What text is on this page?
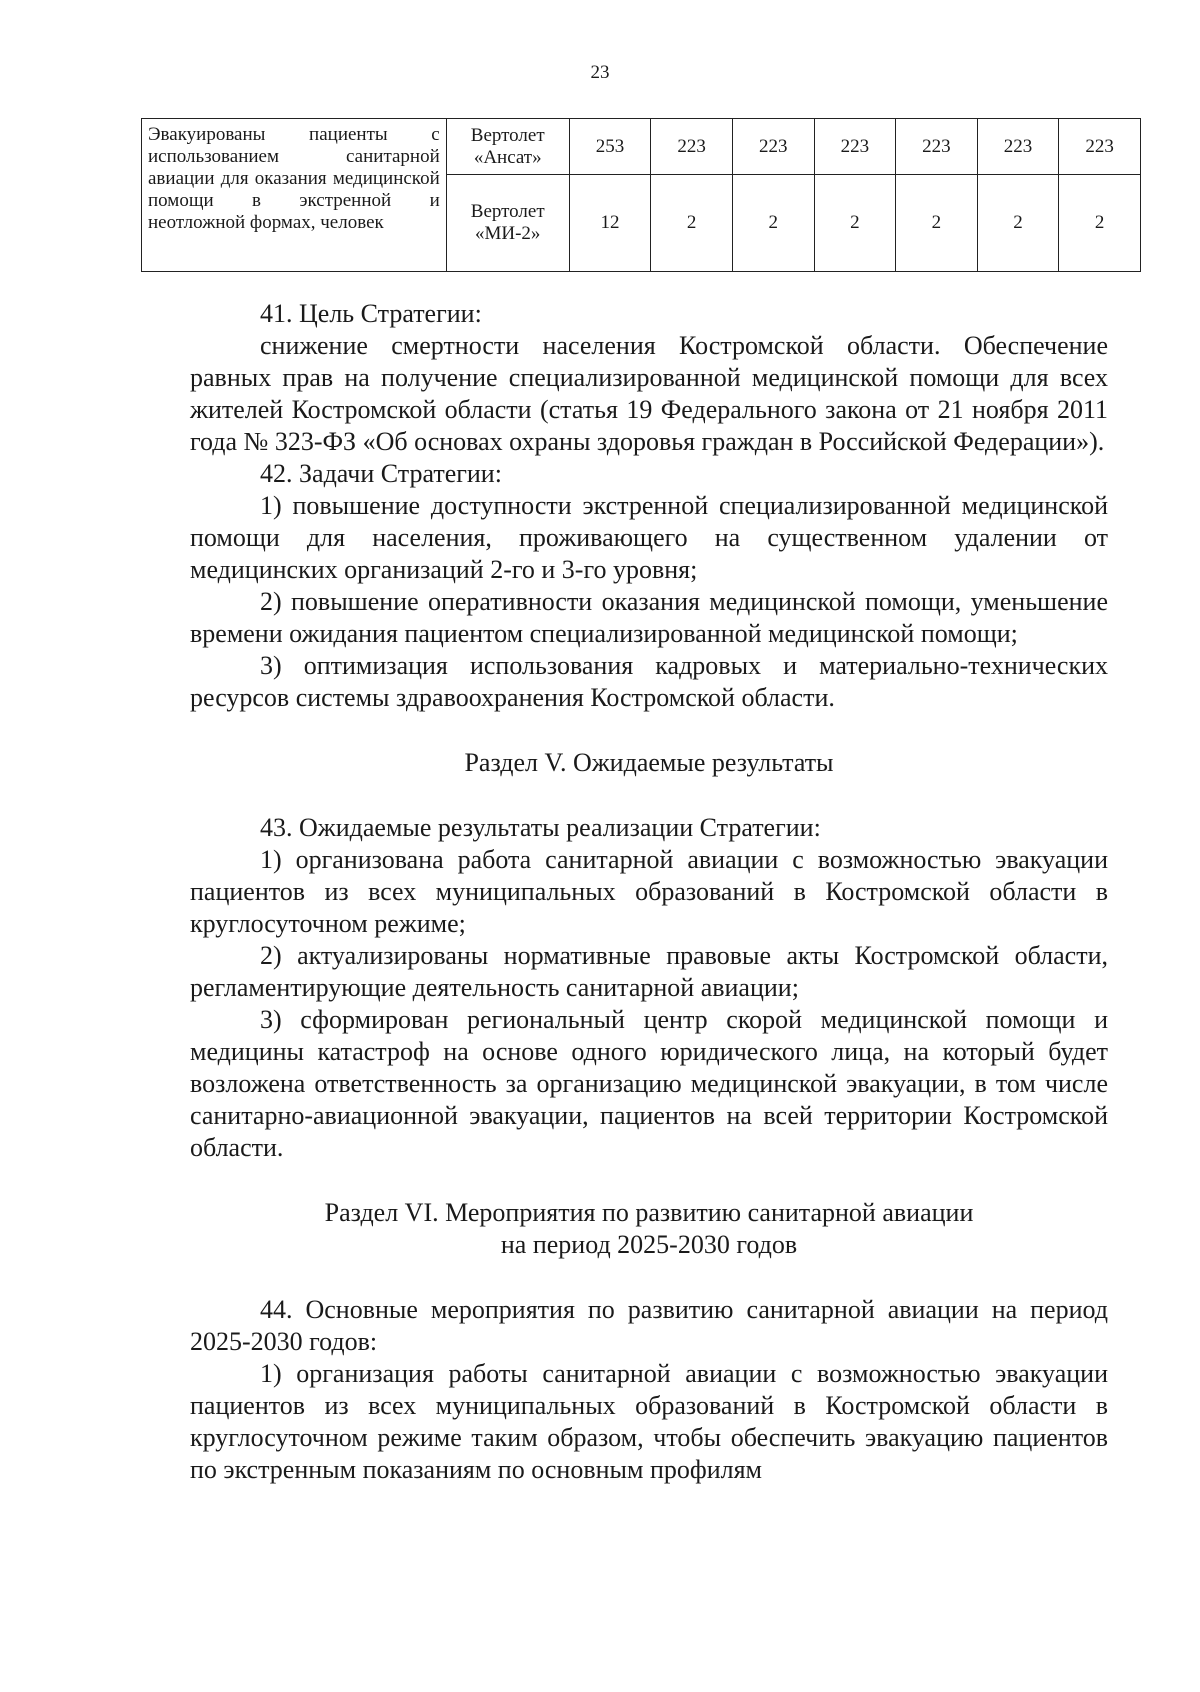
23
Эвакуированы пациенты с использованием санитарной авиации для оказания медицинской помощи в экстренной и неотложной формах, человек	Вертолет «Ансат»	253	223	223	223	223	223	223
	Вертолет «МИ-2»	12	2	2	2	2	2	2

41. Цель Стратегии:

снижение смертности населения Костромской области. Обеспечение равных прав на получение специализированной медицинской помощи для всех жителей Костромской области (статья 19 Федерального закона от 21 ноября 2011 года № 323-ФЗ «Об основах охраны здоровья граждан в Российской Федерации»).

42. Задачи Стратегии:

1) повышение доступности экстренной специализированной медицинской помощи для населения, проживающего на существенном удалении от медицинских организаций 2-го и 3-го уровня;

2) повышение оперативности оказания медицинской помощи, уменьшение времени ожидания пациентом специализированной медицинской помощи;

3) оптимизация использования кадровых и материально-технических ресурсов системы здравоохранения Костромской области.

Раздел V. Ожидаемые результаты

43. Ожидаемые результаты реализации Стратегии:

1) организована работа санитарной авиации с возможностью эвакуации пациентов из всех муниципальных образований в Костромской области в круглосуточном режиме;

2) актуализированы нормативные правовые акты Костромской области, регламентирующие деятельность санитарной авиации;

3) сформирован региональный центр скорой медицинской помощи и медицины катастроф на основе одного юридического лица, на который будет возложена ответственность за организацию медицинской эвакуации, в том числе санитарно-авиационной эвакуации, пациентов на всей территории Костромской области.

Раздел VI. Мероприятия по развитию санитарной авиации

на период 2025-2030 годов

44. Основные мероприятия по развитию санитарной авиации на период 2025-2030 годов:

1) организация работы санитарной авиации с возможностью эвакуации пациентов из всех муниципальных образований в Костромской области в круглосуточном режиме таким образом, чтобы обеспечить эвакуацию пациентов по экстренным показаниям по основным профилям
